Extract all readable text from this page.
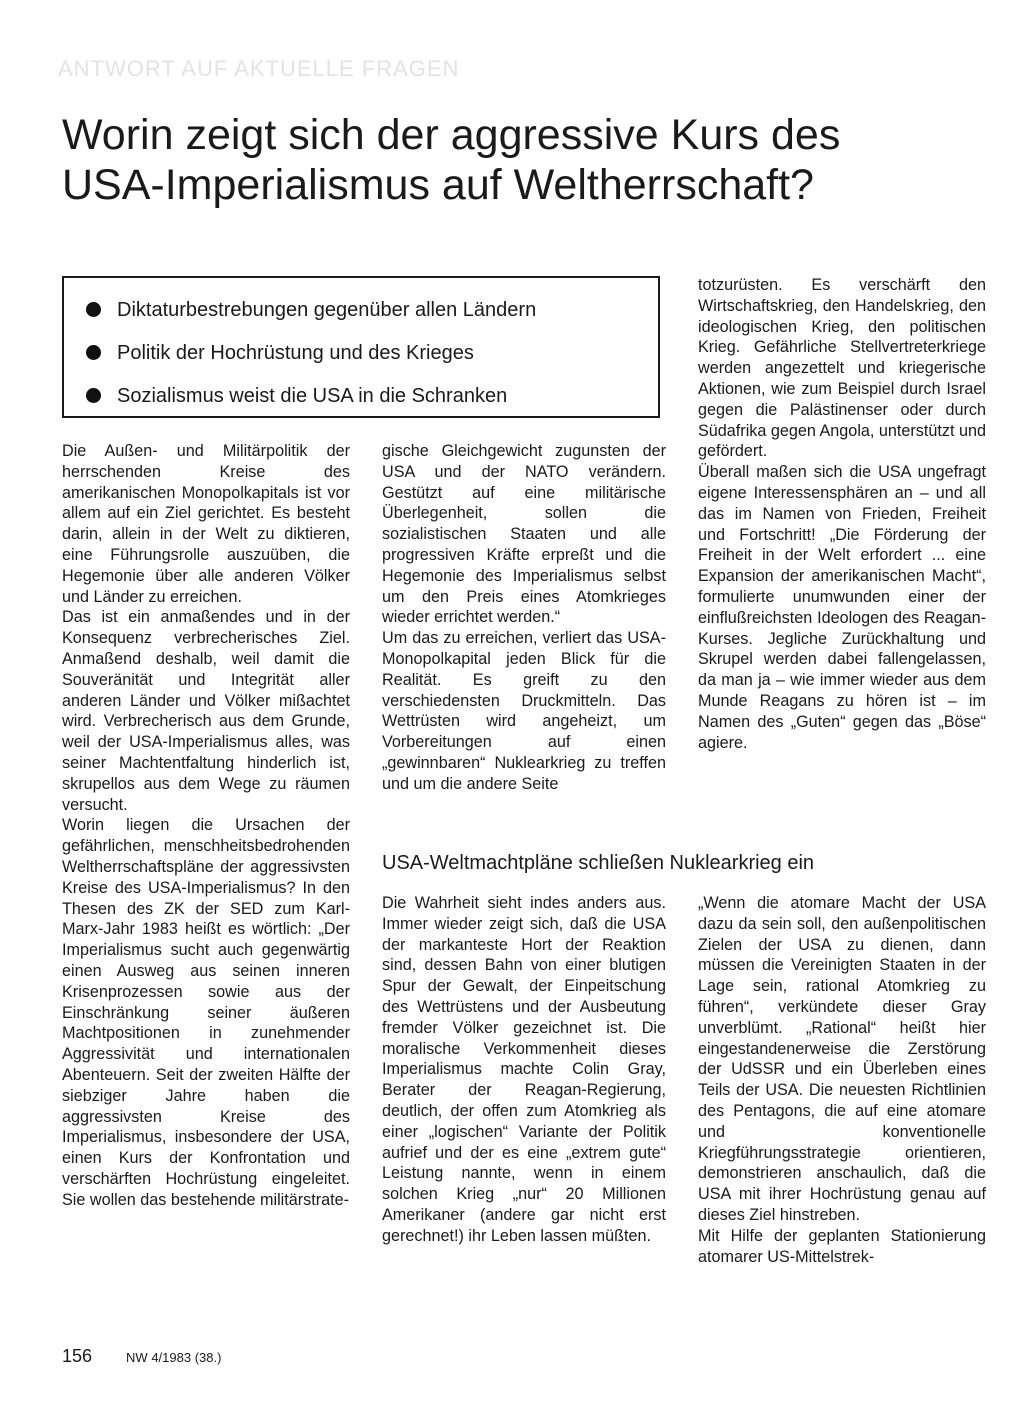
ANTWORT AUF AKTUELLE FRAGEN
Worin zeigt sich der aggressive Kurs des
USA-Imperialismus auf Weltherrschaft?
Diktaturbestrebungen gegenüber allen Ländern
Politik der Hochrüstung und des Krieges
Sozialismus weist die USA in die Schranken

Die Außen- und Militärpolitik der herrschenden Kreise des amerikanischen Monopolkapitals ist vor allem auf ein Ziel gerichtet. Es besteht darin, allein in der Welt zu diktieren, eine Führungsrolle auszuüben, die Hegemonie über alle anderen Völker und Länder zu erreichen.

Das ist ein anmaßendes und in der Konsequenz verbrecherisches Ziel. Anmaßend deshalb, weil damit die Souveränität und Integrität aller anderen Länder und Völker mißachtet wird. Verbrecherisch aus dem Grunde, weil der USA-Imperialismus alles, was seiner Machtentfaltung hinderlich ist, skrupellos aus dem Wege zu räumen versucht.

Worin liegen die Ursachen der gefährlichen, menschheitsbedrohenden Weltherrschaftspläne der aggressivsten Kreise des USA-Imperialismus? In den Thesen des ZK der SED zum Karl-Marx-Jahr 1983 heißt es wörtlich: „Der Imperialismus sucht auch gegenwärtig einen Ausweg aus seinen inneren Krisenprozessen sowie aus der Einschränkung seiner äußeren Machtpositionen in zunehmender Aggressivität und internationalen Abenteuern. Seit der zweiten Hälfte der siebziger Jahre haben die aggressivsten Kreise des Imperialismus, insbesondere der USA, einen Kurs der Konfrontation und verschärften Hochrüstung eingeleitet. Sie wollen das bestehende militärstrate-

gische Gleichgewicht zugunsten der USA und der NATO verändern. Gestützt auf eine militärische Überlegenheit, sollen die sozialistischen Staaten und alle progressiven Kräfte erpreßt und die Hegemonie des Imperialismus selbst um den Preis eines Atomkrieges wieder errichtet werden.“

Um das zu erreichen, verliert das USA-Monopolkapital jeden Blick für die Realität. Es greift zu den verschiedensten Druckmitteln. Das Wettrüsten wird angeheizt, um Vorbereitungen auf einen „gewinnbaren“ Nuklearkrieg zu treffen und um die andere Seite

totzurüsten. Es verschärft den Wirtschaftskrieg, den Handelskrieg, den ideologischen Krieg, den politischen Krieg. Gefährliche Stellvertreterkriege werden angezettelt und kriegerische Aktionen, wie zum Beispiel durch Israel gegen die Palästinenser oder durch Südafrika gegen Angola, unterstützt und gefördert.

Überall maßen sich die USA ungefragt eigene Interessensphären an – und all das im Namen von Frieden, Freiheit und Fortschritt! „Die Förderung der Freiheit in der Welt erfordert ... eine Expansion der amerikanischen Macht“, formulierte unumwunden einer der einflußreichsten Ideologen des Reagan-Kurses. Jegliche Zurückhaltung und Skrupel werden dabei fallengelassen, da man ja – wie immer wieder aus dem Munde Reagans zu hören ist – im Namen des „Guten“ gegen das „Böse“ agiere.

USA-Weltmachtpläne schließen Nuklearkrieg ein

Die Wahrheit sieht indes anders aus. Immer wieder zeigt sich, daß die USA der markanteste Hort der Reaktion sind, dessen Bahn von einer blutigen Spur der Gewalt, der Einpeitschung des Wettrüstens und der Ausbeutung fremder Völker gezeichnet ist. Die moralische Verkommenheit dieses Imperialismus machte Colin Gray, Berater der Reagan-Regierung, deutlich, der offen zum Atomkrieg als einer „logischen“ Variante der Politik aufrief und der es eine „extrem gute“ Leistung nannte, wenn in einem solchen Krieg „nur“ 20 Millionen Amerikaner (andere gar nicht erst gerechnet!) ihr Leben lassen müßten.

„Wenn die atomare Macht der USA dazu da sein soll, den außenpolitischen Zielen der USA zu dienen, dann müssen die Vereinigten Staaten in der Lage sein, rational Atomkrieg zu führen“, verkündete dieser Gray unverblümt. „Rational“ heißt hier eingestandenerweise die Zerstörung der UdSSR und ein Überleben eines Teils der USA. Die neuesten Richtlinien des Pentagons, die auf eine atomare und konventionelle Kriegführungsstrategie orientieren, demonstrieren anschaulich, daß die USA mit ihrer Hochrüstung genau auf dieses Ziel hinstreben.

Mit Hilfe der geplanten Stationierung atomarer US-Mittelstrek-

156	NW 4/1983 (38.)
